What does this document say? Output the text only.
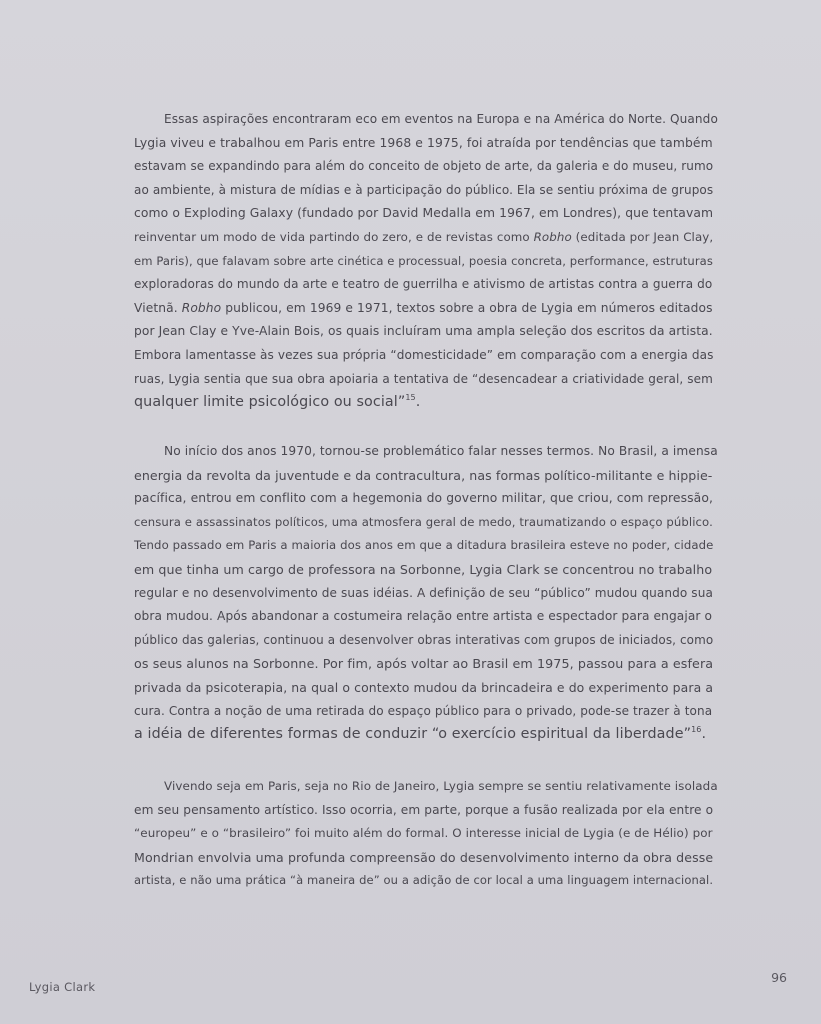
Essas aspirações encontraram eco em eventos na Europa e na América do Norte. Quando
Lygia viveu e trabalhou em Paris entre 1968 e 1975, foi atraída por tendências que também
estavam se expandindo para além do conceito de objeto de arte, da galeria e do museu, rumo
ao ambiente, à mistura de mídias e à participação do público. Ela se sentiu próxima de grupos
como o Exploding Galaxy (fundado por David Medalla em 1967, em Londres), que tentavam
reinventar um modo de vida partindo do zero, e de revistas como Robho (editada por Jean Clay,
em Paris), que falavam sobre arte cinética e processual, poesia concreta, performance, estruturas
exploradoras do mundo da arte e teatro de guerrilha e ativismo de artistas contra a guerra do
Vietnã. Robho publicou, em 1969 e 1971, textos sobre a obra de Lygia em números editados
por Jean Clay e Yve-Alain Bois, os quais incluíram uma ampla seleção dos escritos da artista.
Embora lamentasse às vezes sua própria “domesticidade” em comparação com a energia das
ruas, Lygia sentia que sua obra apoiaria a tentativa de “desencadear a criatividade geral, sem
qualquer limite psicológico ou social”$^{15}$.

No início dos anos 1970, tornou-se problemático falar nesses termos. No Brasil, a imensa
energia da revolta da juventude e da contracultura, nas formas político-militante e hippie-
pacífica, entrou em conflito com a hegemonia do governo militar, que criou, com repressão,
censura e assassinatos políticos, uma atmosfera geral de medo, traumatizando o espaço público.
Tendo passado em Paris a maioria dos anos em que a ditadura brasileira esteve no poder, cidade
em que tinha um cargo de professora na Sorbonne, Lygia Clark se concentrou no trabalho
regular e no desenvolvimento de suas idéias. A definição de seu “público” mudou quando sua
obra mudou. Após abandonar a costumeira relação entre artista e espectador para engajar o
público das galerias, continuou a desenvolver obras interativas com grupos de iniciados, como
os seus alunos na Sorbonne. Por fim, após voltar ao Brasil em 1975, passou para a esfera
privada da psicoterapia, na qual o contexto mudou da brincadeira e do experimento para a
cura. Contra a noção de uma retirada do espaço público para o privado, pode-se trazer à tona
a idéia de diferentes formas de conduzir “o exercício espiritual da liberdade”$^{16}$.

Vivendo seja em Paris, seja no Rio de Janeiro, Lygia sempre se sentiu relativamente isolada
em seu pensamento artístico. Isso ocorria, em parte, porque a fusão realizada por ela entre o
“europeu” e o “brasileiro” foi muito além do formal. O interesse inicial de Lygia (e de Hélio) por
Mondrian envolvia uma profunda compreensão do desenvolvimento interno da obra desse
artista, e não uma prática “à maneira de” ou a adição de cor local a uma linguagem internacional.

Lygia Clark
96
